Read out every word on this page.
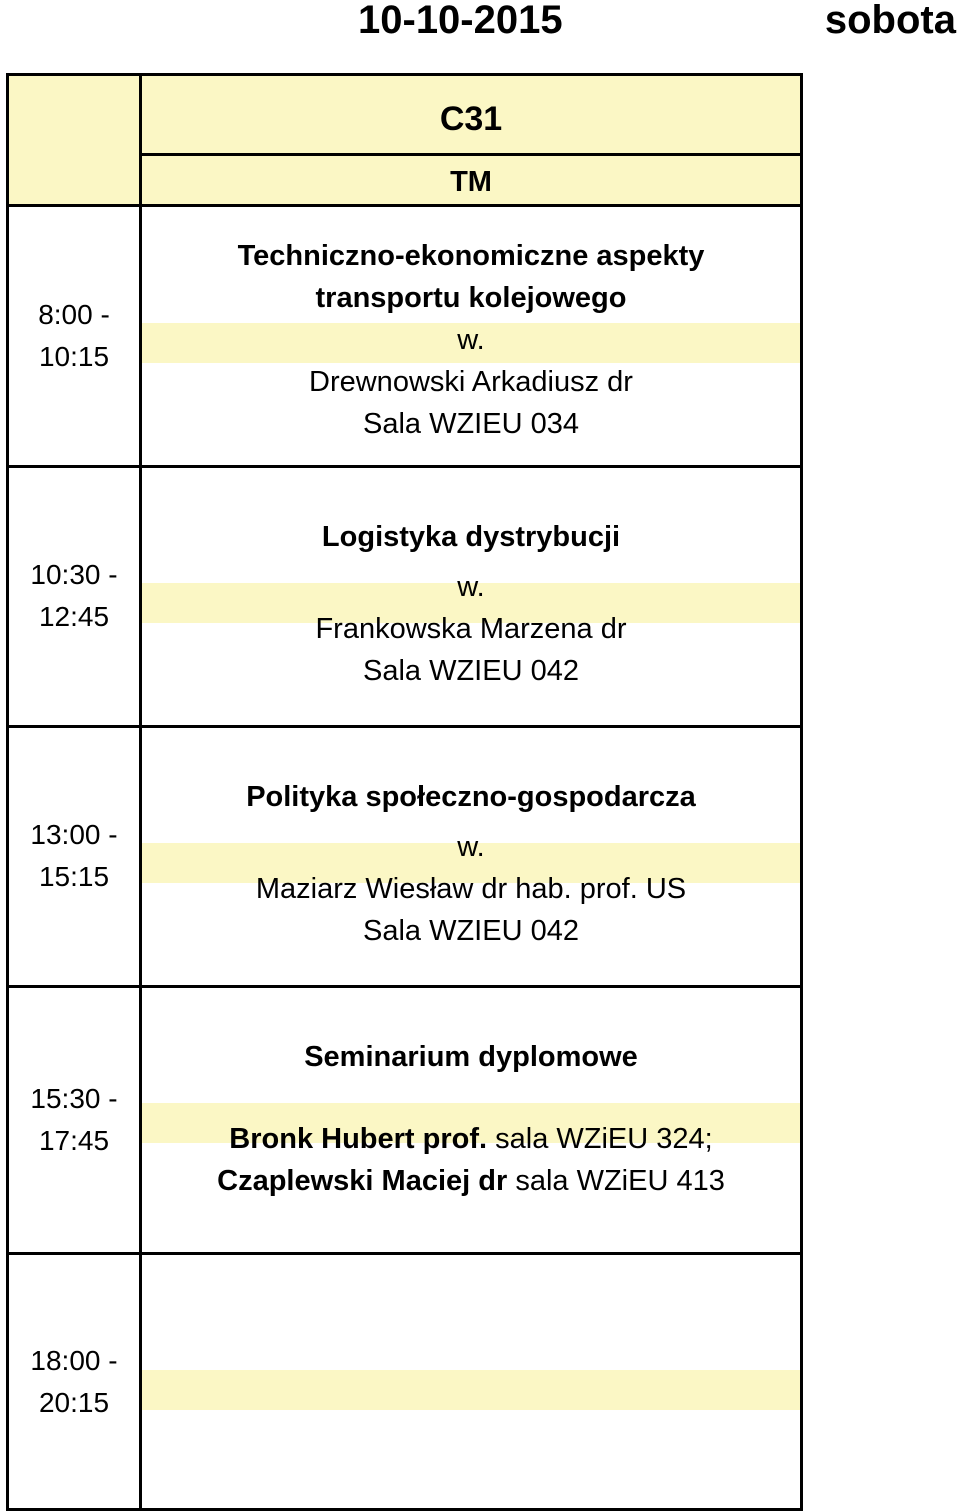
10-10-2015	sobota
C31
TM
8:00 -
10:15
Techniczno-ekonomiczne aspekty
transportu kolejowego
w.
Drewnowski Arkadiusz dr
Sala WZIEU 034
10:30 -
12:45
Logistyka dystrybucji
w.
Frankowska Marzena dr
Sala WZIEU 042
13:00 -
15:15
Polityka społeczno-gospodarcza
w.
Maziarz Wiesław dr hab. prof. US
Sala WZIEU 042
15:30 -
17:45
Seminarium dyplomowe
Bronk Hubert prof. sala WZiEU 324;
Czaplewski Maciej dr sala WZiEU 413
18:00 -
20:15
